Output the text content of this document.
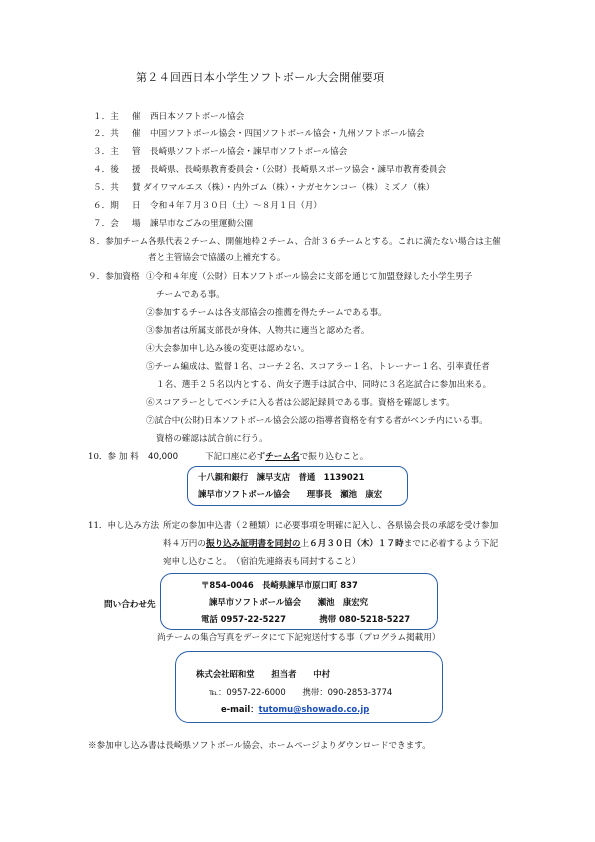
第２４回西日本小学生ソフトボール大会開催要項
１．主 催 西日本ソフトボール協会
２．共 催 中国ソフトボール協会・四国ソフトボール協会・九州ソフトボール協会
３．主 管 長崎県ソフトボール協会・諫早市ソフトボール協会
４．後 援 長崎県、長崎県教育委員会・（公財）長崎県スポーツ協会・諫早市教育委員会
５．共 賛 ダイワマルエス（株）・内外ゴム（株）・ナガセケンコー（株）ミズノ（株）
６．期 日 令和４年７月３０日（土）～８月１日（月）
７．会 場 諫早市なごみの里運動公園
８．参加チーム 各県代表２チーム、開催地枠２チーム、合計３６チームとする。これに満たない場合は主催
者と主管協会で協議の上補充する。
９．参加資格 ①令和４年度（公財）日本ソフトボール協会に支部を通じて加盟登録した小学生男子
チームである事。
②参加するチームは各支部協会の推薦を得たチームである事。
③参加者は所属支部長が身体、人物共に適当と認めた者。
④大会参加申し込み後の変更は認めない。
⑤チーム編成は、監督１名、コーチ２名、スコアラー１名、トレーナー１名、引率責任者
１名、選手２５名以内とする、尚女子選手は試合中、同時に３名迄試合に参加出来る。
⑥スコアラーとしてベンチに入る者は公認記録員である事。資格を確認します。
⑦試合中(公財)日本ソフトボール協会公認の指導者資格を有する者がベンチ内にいる事。
資格の確認は試合前に行う。
10．参 加 料 40,000	下記口座に必ずチーム名で振り込むこと。
十八親和銀行　諫早支店　普通　1139021
諫早市ソフトボール協会　　理事長　瀬池　康宏
11．申し込み方法 所定の参加申込書（２種類）に必要事項を明確に記入し、各県協会長の承認を受け参加
料４万円の振り込み証明書を同封の上６月３０日（木）１７時までに必着するよう下記
宛申し込むこと。　（宿泊先連絡表も同封すること）
問い合わせ先
〒854-0046　長崎県諫早市原口町 837
諫早市ソフトボール協会　　瀬池　康宏究
電話 0957-22-5227　　　　携帯 080-5218-5227
尚チームの集合写真をデータにて下記宛送付する事（プログラム掲載用）
株式会社昭和堂　　担当者　　中村
℡：0957-22-6000　　携帯：090-2853-3774
e-mail：tutomu@showado.co.jp
※参加申し込み書は長崎県ソフトボール協会、ホームページよりダウンロードできます。
